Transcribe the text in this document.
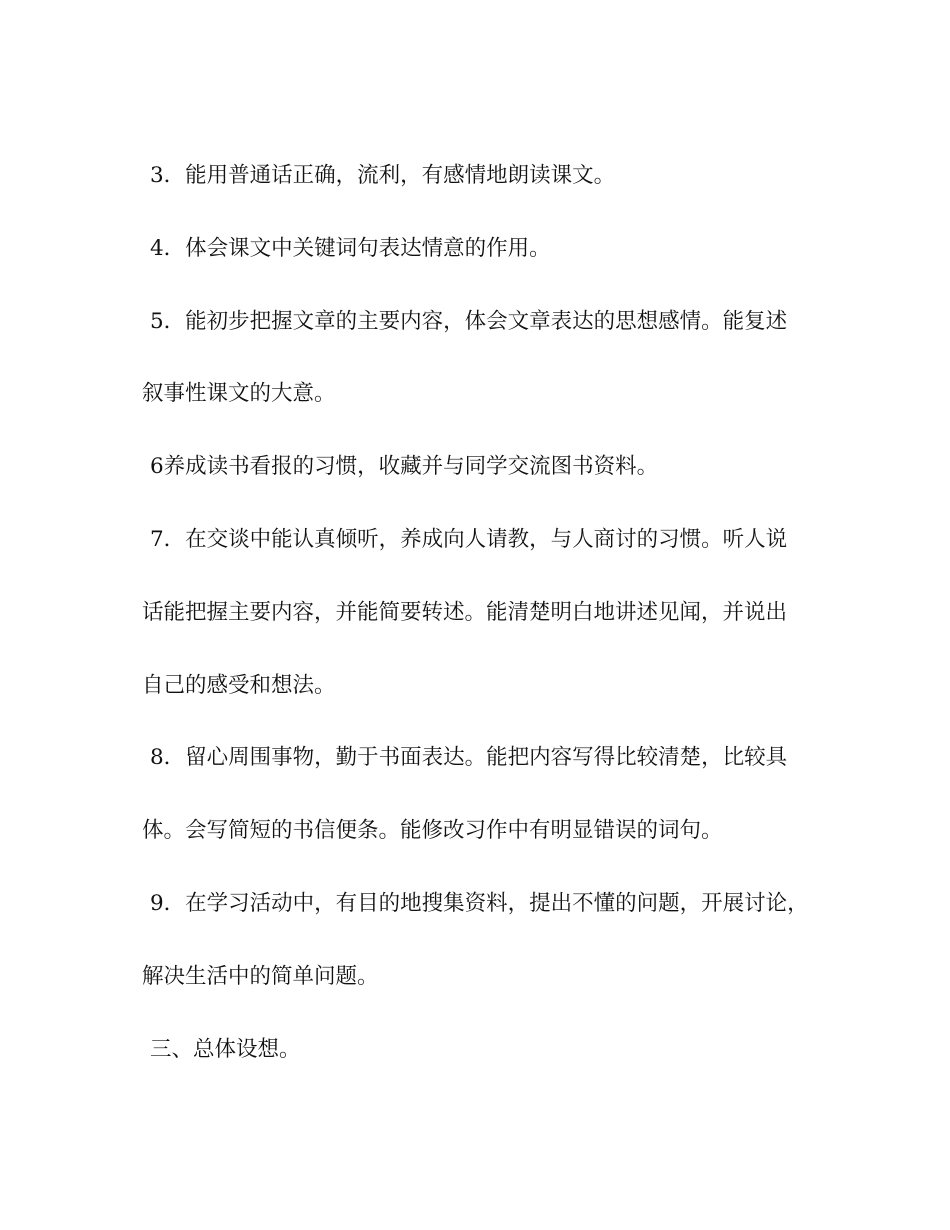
3．能用普通话正确，流利，有感情地朗读课文。
4．体会课文中关键词句表达情意的作用。
5．能初步把握文章的主要内容，体会文章表达的思想感情。能复述
叙事性课文的大意。
6养成读书看报的习惯，收藏并与同学交流图书资料。
7．在交谈中能认真倾听，养成向人请教，与人商讨的习惯。听人说
话能把握主要内容，并能简要转述。能清楚明白地讲述见闻，并说出
自己的感受和想法。
8．留心周围事物，勤于书面表达。能把内容写得比较清楚，比较具
体。会写简短的书信便条。能修改习作中有明显错误的词句。
9．在学习活动中，有目的地搜集资料，提出不懂的问题，开展讨论，
解决生活中的简单问题。
三、总体设想。
